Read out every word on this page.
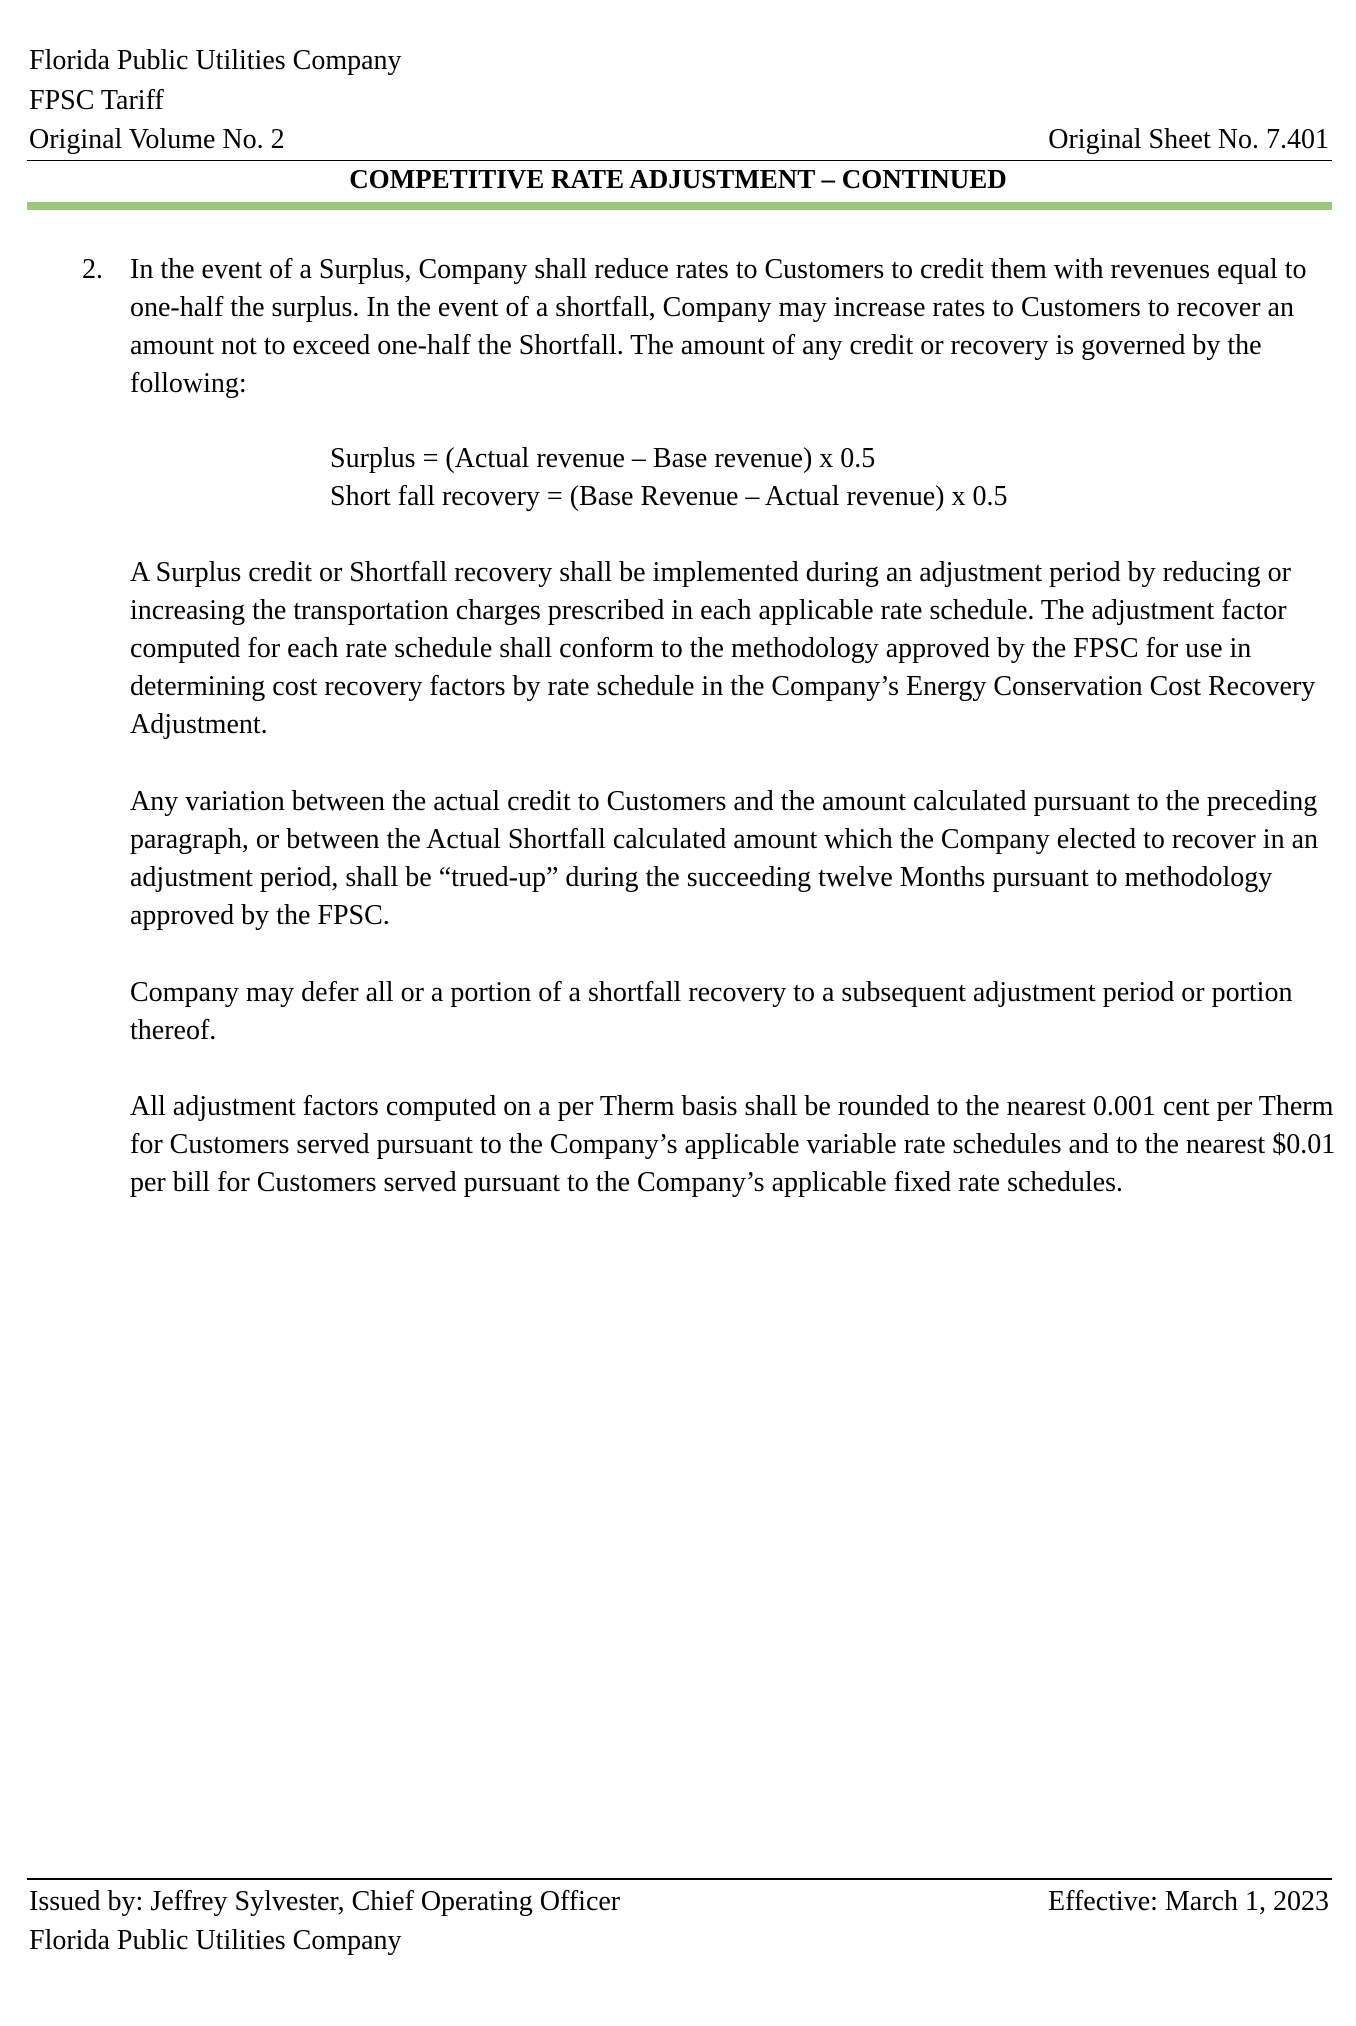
Florida Public Utilities Company
FPSC Tariff
Original Volume No. 2	Original Sheet No. 7.401
COMPETITIVE RATE ADJUSTMENT – CONTINUED
2. In the event of a Surplus, Company shall reduce rates to Customers to credit them with revenues equal to one-half the surplus. In the event of a shortfall, Company may increase rates to Customers to recover an amount not to exceed one-half the Shortfall. The amount of any credit or recovery is governed by the following:

Surplus = (Actual revenue – Base revenue) x 0.5
Short fall recovery = (Base Revenue – Actual revenue) x 0.5

A Surplus credit or Shortfall recovery shall be implemented during an adjustment period by reducing or increasing the transportation charges prescribed in each applicable rate schedule. The adjustment factor computed for each rate schedule shall conform to the methodology approved by the FPSC for use in determining cost recovery factors by rate schedule in the Company’s Energy Conservation Cost Recovery Adjustment.

Any variation between the actual credit to Customers and the amount calculated pursuant to the preceding paragraph, or between the Actual Shortfall calculated amount which the Company elected to recover in an adjustment period, shall be “trued-up” during the succeeding twelve Months pursuant to methodology approved by the FPSC.

Company may defer all or a portion of a shortfall recovery to a subsequent adjustment period or portion thereof.

All adjustment factors computed on a per Therm basis shall be rounded to the nearest 0.001 cent per Therm for Customers served pursuant to the Company’s applicable variable rate schedules and to the nearest $0.01 per bill for Customers served pursuant to the Company’s applicable fixed rate schedules.

Issued by: Jeffrey Sylvester, Chief Operating Officer	Effective: March 1, 2023
Florida Public Utilities Company
